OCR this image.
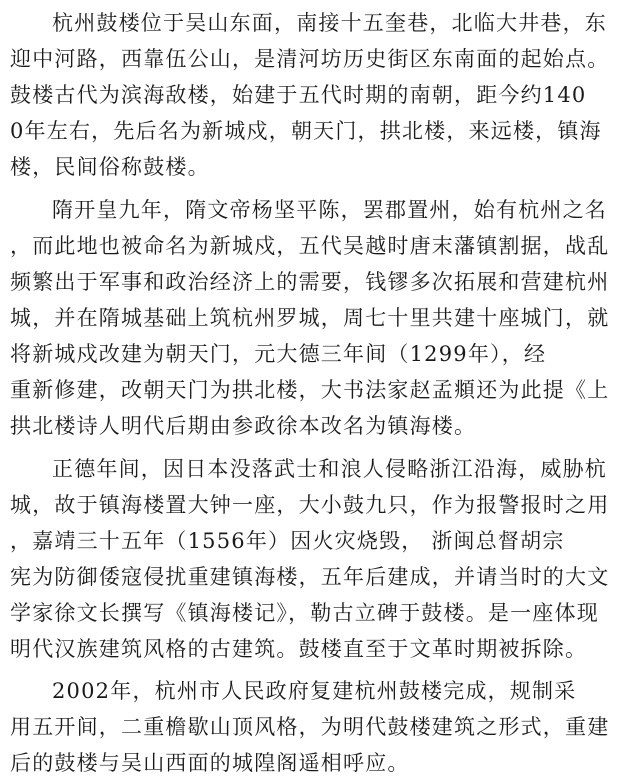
杭州鼓楼位于吴山东面，南接十五奎巷，北临大井巷，东
迎中河路，西靠伍公山，是清河坊历史街区东南面的起始点。
鼓楼古代为滨海敌楼，始建于五代时期的南朝，距今约140
0年左右，先后名为新城戍，朝天门，拱北楼，来远楼，镇海
楼，民间俗称鼓楼。
隋开皇九年，隋文帝杨坚平陈，罢郡置州，始有杭州之名
，而此地也被命名为新城戍，五代吴越时唐末藩镇割据，战乱
频繁出于军事和政治经济上的需要，钱镠多次拓展和营建杭州
城，并在隋城基础上筑杭州罗城，周七十里共建十座城门，就
将新城戍改建为朝天门，元大德三年间（1299年），经
重新修建，改朝天门为拱北楼，大书法家赵孟頫还为此提《上
拱北楼诗人明代后期由参政徐本改名为镇海楼。
正德年间，因日本没落武士和浪人侵略浙江沿海，威胁杭
城，故于镇海楼置大钟一座，大小鼓九只，作为报警报时之用
，嘉靖三十五年（1556年）因火灾烧毁， 浙闽总督胡宗
宪为防御倭寇侵扰重建镇海楼，五年后建成，并请当时的大文
学家徐文长撰写《镇海楼记》，勒古立碑于鼓楼。是一座体现
明代汉族建筑风格的古建筑。鼓楼直至于文革时期被拆除。
2002年，杭州市人民政府复建杭州鼓楼完成，规制采
用五开间，二重檐歇山顶风格，为明代鼓楼建筑之形式，重建
后的鼓楼与吴山西面的城隍阁遥相呼应。
